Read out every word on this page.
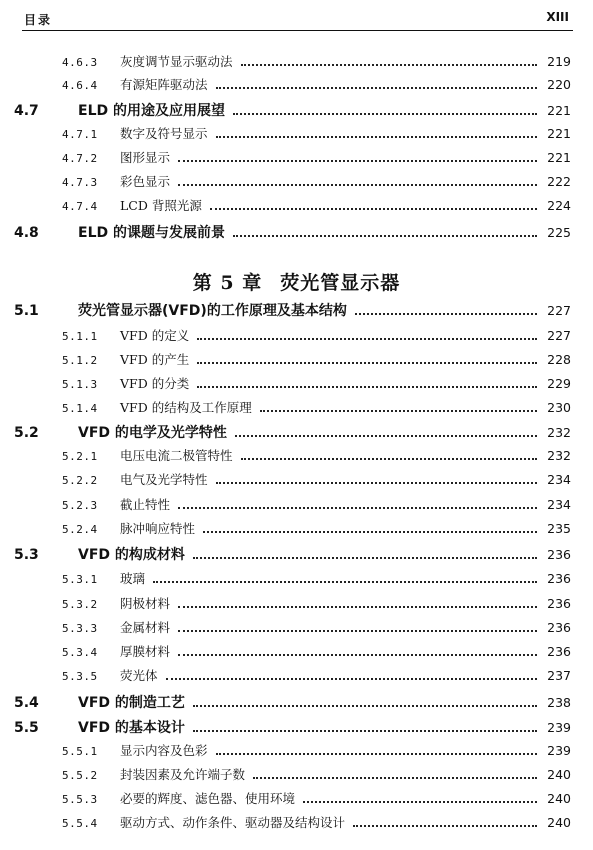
目录	XIII
第 5 章 荧光管显示器
4.6.3	灰度调节显示驱动法	219
4.6.4	有源矩阵驱动法	220
4.7	ELD 的用途及应用展望	221
4.7.1	数字及符号显示	221
4.7.2	图形显示	221
4.7.3	彩色显示	222
4.7.4	LCD 背照光源	224
4.8	ELD 的课题与发展前景	225
5.1	荧光管显示器(VFD)的工作原理及基本结构	227
5.1.1	VFD 的定义	227
5.1.2	VFD 的产生	228
5.1.3	VFD 的分类	229
5.1.4	VFD 的结构及工作原理	230
5.2	VFD 的电学及光学特性	232
5.2.1	电压电流二极管特性	232
5.2.2	电气及光学特性	234
5.2.3	截止特性	234
5.2.4	脉冲响应特性	235
5.3	VFD 的构成材料	236
5.3.1	玻璃	236
5.3.2	阴极材料	236
5.3.3	金属材料	236
5.3.4	厚膜材料	236
5.3.5	荧光体	237
5.4	VFD 的制造工艺	238
5.5	VFD 的基本设计	239
5.5.1	显示内容及色彩	239
5.5.2	封装因素及允许端子数	240
5.5.3	必要的辉度、滤色器、使用环境	240
5.5.4	驱动方式、动作条件、驱动器及结构设计	240
